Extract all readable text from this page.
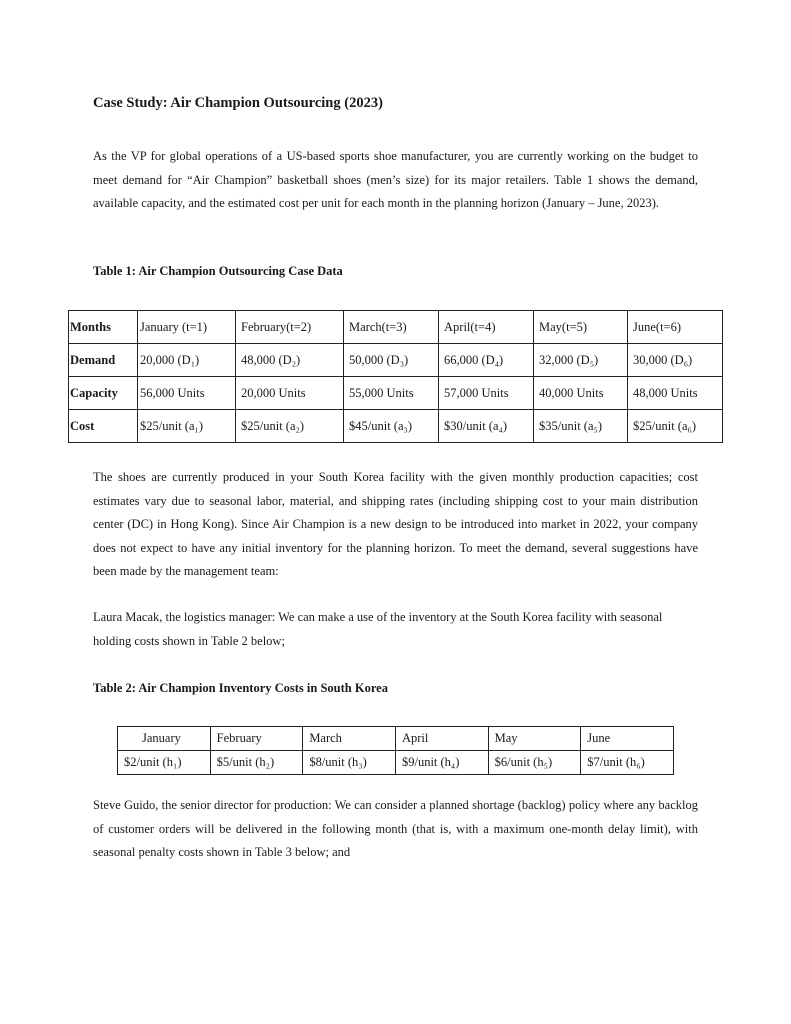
Case Study: Air Champion Outsourcing (2023)

As the VP for global operations of a US-based sports shoe manufacturer, you are currently working on the budget to meet demand for “Air Champion” basketball shoes (men’s size) for its major retailers. Table 1 shows the demand, available capacity, and the estimated cost per unit for each month in the planning horizon (January – June, 2023).

Table 1: Air Champion Outsourcing Case Data

Months	January (t=1)	February(t=2)	March(t=3)	April(t=4)	May(t=5)	June(t=6)
Demand	20,000 (D₁)	48,000 (D₂)	50,000 (D₃)	66,000 (D₄)	32,000 (D₅)	30,000 (D₆)
Capacity	56,000 Units	20,000 Units	55,000 Units	57,000 Units	40,000 Units	48,000 Units
Cost	$25/unit (a₁)	$25/unit (a₂)	$45/unit (a₃)	$30/unit (a₄)	$35/unit (a₅)	$25/unit (a₆)

The shoes are currently produced in your South Korea facility with the given monthly production capacities; cost estimates vary due to seasonal labor, material, and shipping rates (including shipping cost to your main distribution center (DC) in Hong Kong). Since Air Champion is a new design to be introduced into market in 2022, your company does not expect to have any initial inventory for the planning horizon. To meet the demand, several suggestions have been made by the management team:

Laura Macak, the logistics manager: We can make a use of the inventory at the South Korea facility with seasonal holding costs shown in Table 2 below;

Table 2: Air Champion Inventory Costs in South Korea

January	February	March	April	May	June
$2/unit (h₁)	$5/unit (h₂)	$8/unit (h₃)	$9/unit (h₄)	$6/unit (h₅)	$7/unit (h₆)

Steve Guido, the senior director for production: We can consider a planned shortage (backlog) policy where any backlog of customer orders will be delivered in the following month (that is, with a maximum one-month delay limit), with seasonal penalty costs shown in Table 3 below; and
